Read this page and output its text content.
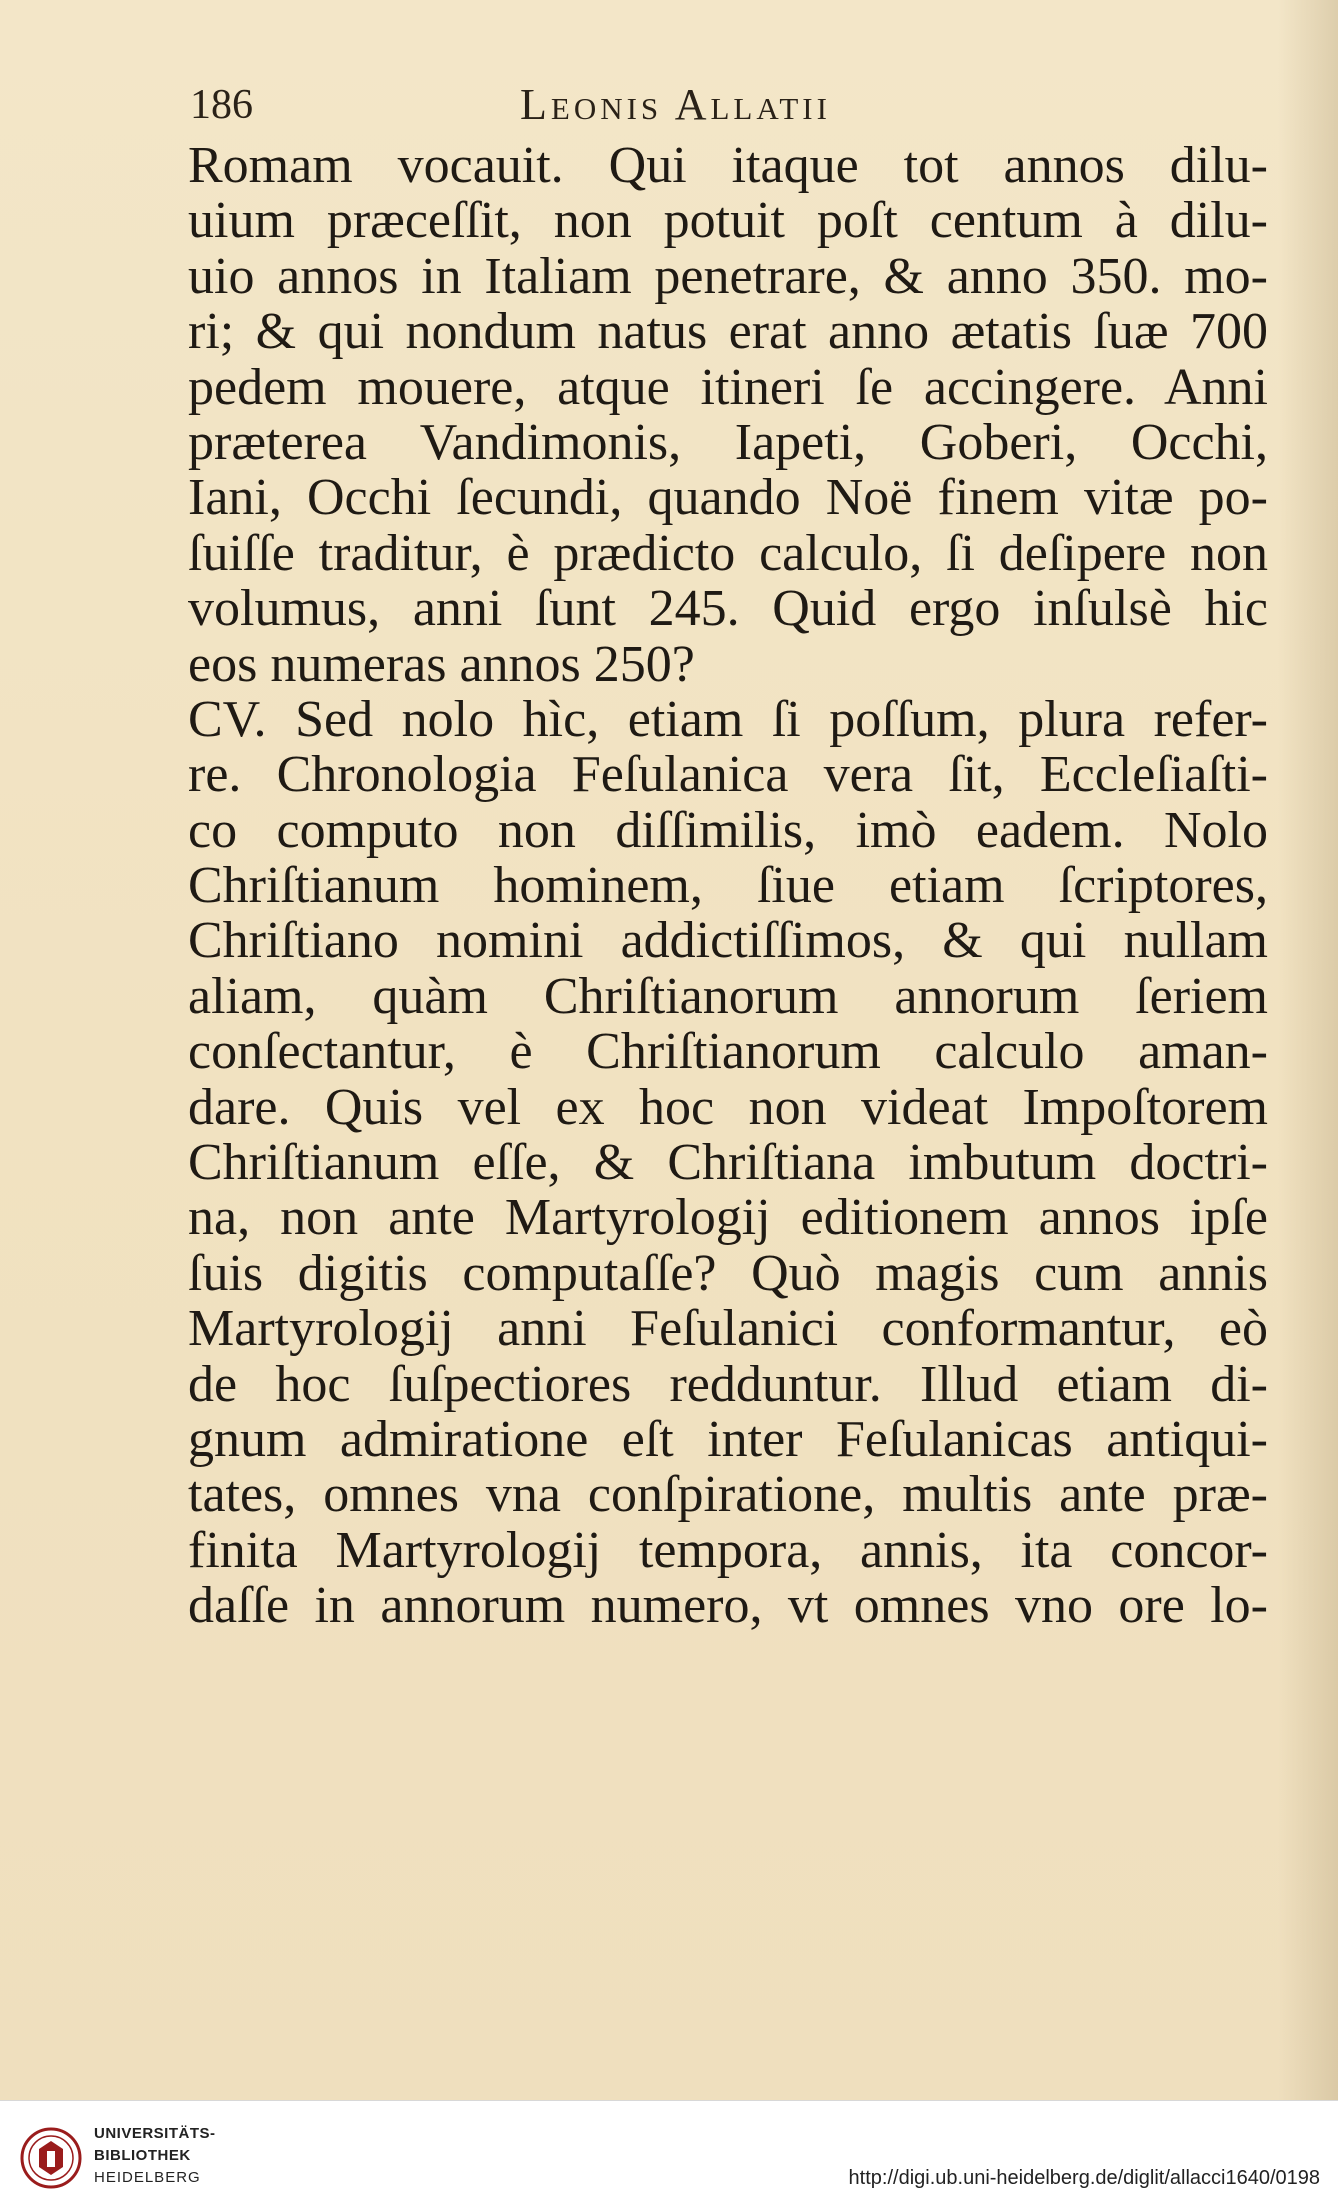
186	Leonis Allatii
Romam vocauit. Qui itaque tot annos dilu-
uium præceſſit, non potuit poſt centum à dilu-
uio annos in Italiam penetrare, & anno 350. mo-
ri; & qui nondum natus erat anno ætatis ſuæ 700
pedem mouere, atque itineri ſe accingere. Anni
præterea Vandimonis, Iapeti, Goberi, Occhi,
Iani, Occhi ſecundi, quando Noë finem vitæ po-
ſuiſſe traditur, è prædicto calculo, ſi deſipere non
volumus, anni ſunt 245. Quid ergo inſulsè hic
eos numeras annos 250?
CV. Sed nolo hìc, etiam ſi poſſum, plura refer-
re. Chronologia Feſulanica vera ſit, Eccleſiaſti-
co computo non diſſimilis, imò eadem. Nolo
Chriſtianum hominem, ſiue etiam ſcriptores,
Chriſtiano nomini addictiſſimos, & qui nullam
aliam, quàm Chriſtianorum annorum ſeriem
conſectantur, è Chriſtianorum calculo aman-
dare. Quis vel ex hoc non videat Impoſtorem
Chriſtianum eſſe, & Chriſtiana imbutum doctri-
na, non ante Martyrologij editionem annos ipſe
ſuis digitis computaſſe? Quò magis cum annis
Martyrologij anni Feſulanici conformantur, eò
de hoc ſuſpectiores redduntur. Illud etiam di-
gnum admiratione eſt inter Feſulanicas antiqui-
tates, omnes vna conſpiratione, multis ante præ-
finita Martyrologij tempora, annis, ita concor-
daſſe in annorum numero, vt omnes vno ore lo-
UNIVERSITÄTS-
BIBLIOTHEK
HEIDELBERG	http://digi.ub.uni-heidelberg.de/diglit/allacci1640/0198
